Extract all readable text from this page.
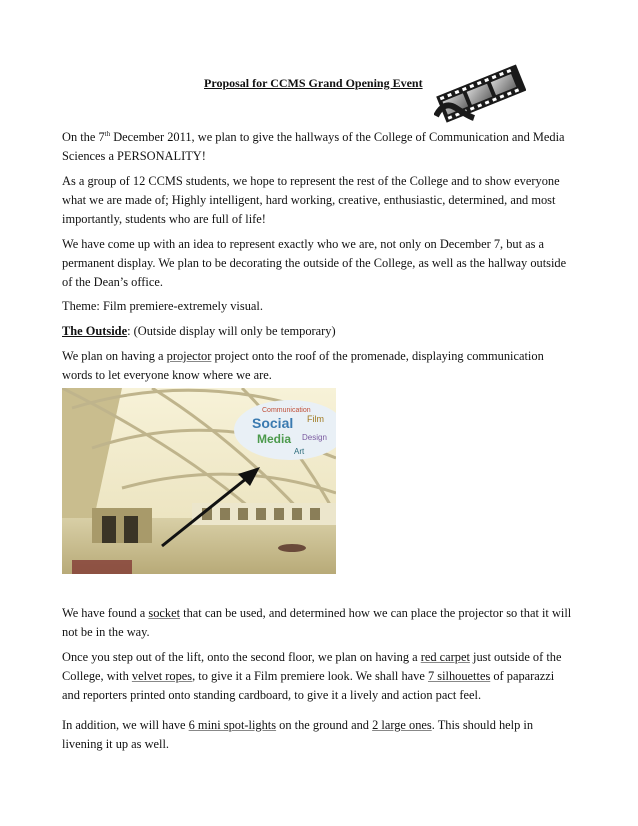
Proposal for CCMS Grand Opening Event

On the 7th December 2011, we plan to give the hallways of the College of Communication and Media Sciences a PERSONALITY!

As a group of 12 CCMS students, we hope to represent the rest of the College and to show everyone what we are made of; Highly intelligent, hard working, creative, enthusiastic, determined, and most importantly, students who are full of life!

We have come up with an idea to represent exactly who we are, not only on December 7, but as a permanent display. We plan to be decorating the outside of the College, as well as the hallway outside of the Dean’s office.

Theme: Film premiere-extremely visual.

The Outside: (Outside display will only be temporary)

We plan on having a projector project onto the roof of the promenade, displaying communication words to let everyone know where we are.

Social
Media
Communication
Design
Film
Art

We have found a socket that can be used, and determined how we can place the projector so that it will not be in the way.

Once you step out of the lift, onto the second floor, we plan on having a red carpet just outside of the College, with velvet ropes, to give it a Film premiere look. We shall have 7 silhouettes of paparazzi and reporters printed onto standing cardboard, to give it a lively and action pact feel.

In addition, we will have 6 mini spot-lights on the ground and 2 large ones. This should help in livening it up as well.
